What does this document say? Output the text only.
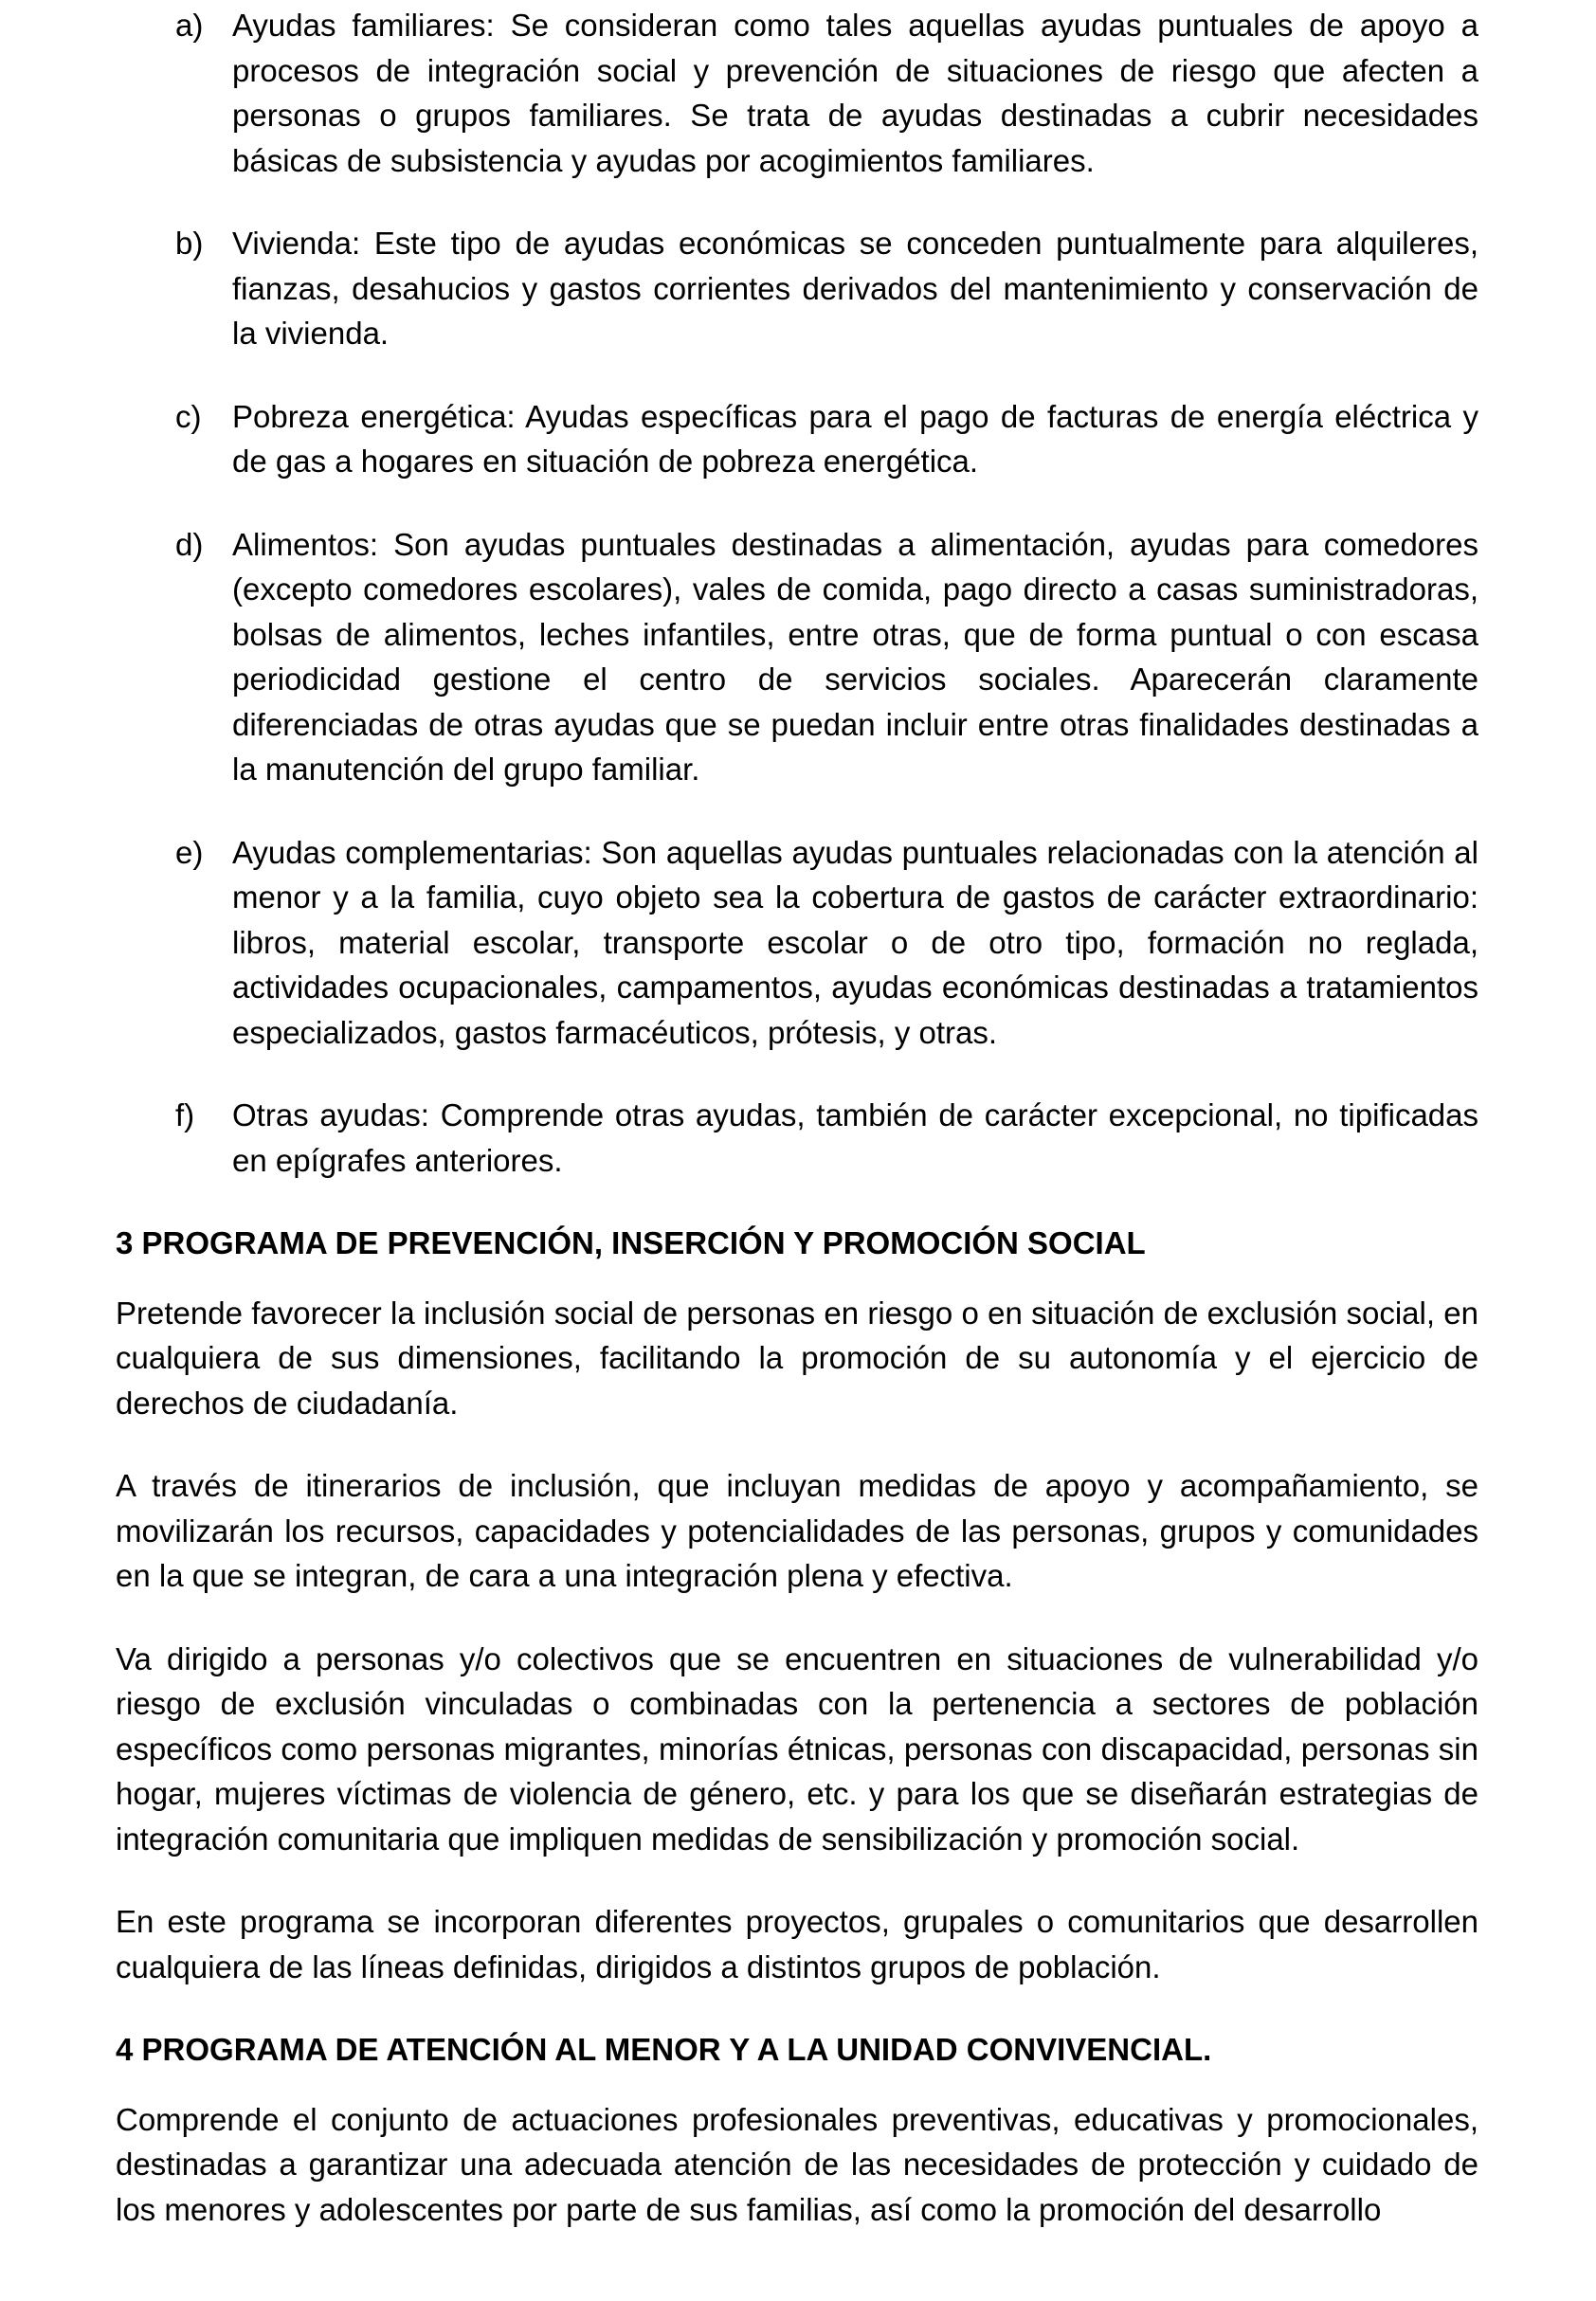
a) Ayudas familiares: Se consideran como tales aquellas ayudas puntuales de apoyo a procesos de integración social y prevención de situaciones de riesgo que afecten a personas o grupos familiares. Se trata de ayudas destinadas a cubrir necesidades básicas de subsistencia y ayudas por acogimientos familiares.
b) Vivienda: Este tipo de ayudas económicas se conceden puntualmente para alquileres, fianzas, desahucios y gastos corrientes derivados del mantenimiento y conservación de la vivienda.
c) Pobreza energética: Ayudas específicas para el pago de facturas de energía eléctrica y de gas a hogares en situación de pobreza energética.
d) Alimentos: Son ayudas puntuales destinadas a alimentación, ayudas para comedores (excepto comedores escolares), vales de comida, pago directo a casas suministradoras, bolsas de alimentos, leches infantiles, entre otras, que de forma puntual o con escasa periodicidad gestione el centro de servicios sociales. Aparecerán claramente diferenciadas de otras ayudas que se puedan incluir entre otras finalidades destinadas a la manutención del grupo familiar.
e) Ayudas complementarias: Son aquellas ayudas puntuales relacionadas con la atención al menor y a la familia, cuyo objeto sea la cobertura de gastos de carácter extraordinario: libros, material escolar, transporte escolar o de otro tipo, formación no reglada, actividades ocupacionales, campamentos, ayudas económicas destinadas a tratamientos especializados, gastos farmacéuticos, prótesis, y otras.
f)	Otras ayudas: Comprende otras ayudas, también de carácter excepcional, no tipificadas en epígrafes anteriores.
3 PROGRAMA DE PREVENCIÓN, INSERCIÓN Y PROMOCIÓN SOCIAL

Pretende favorecer la inclusión social de personas en riesgo o en situación de exclusión social, en cualquiera de sus dimensiones, facilitando la promoción de su autonomía y el ejercicio de derechos de ciudadanía.

A través de itinerarios de inclusión, que incluyan medidas de apoyo y acompañamiento, se movilizarán los recursos, capacidades y potencialidades de las personas, grupos y comunidades en la que se integran, de cara a una integración plena y efectiva.

Va dirigido a personas y/o colectivos que se encuentren en situaciones de vulnerabilidad y/o riesgo de exclusión vinculadas o combinadas con la pertenencia a sectores de población específicos como personas migrantes, minorías étnicas, personas con discapacidad, personas sin hogar, mujeres víctimas de violencia de género, etc. y para los que se diseñarán estrategias de integración comunitaria que impliquen medidas de sensibilización y promoción social.

En este programa se incorporan diferentes proyectos, grupales o comunitarios que desarrollen cualquiera de las líneas definidas, dirigidos a distintos grupos de población.

4 PROGRAMA DE ATENCIÓN AL MENOR Y A LA UNIDAD CONVIVENCIAL.

Comprende el conjunto de actuaciones profesionales preventivas, educativas y promocionales, destinadas a garantizar una adecuada atención de las necesidades de protección y cuidado de los menores y adolescentes por parte de sus familias, así como la promoción del desarrollo
